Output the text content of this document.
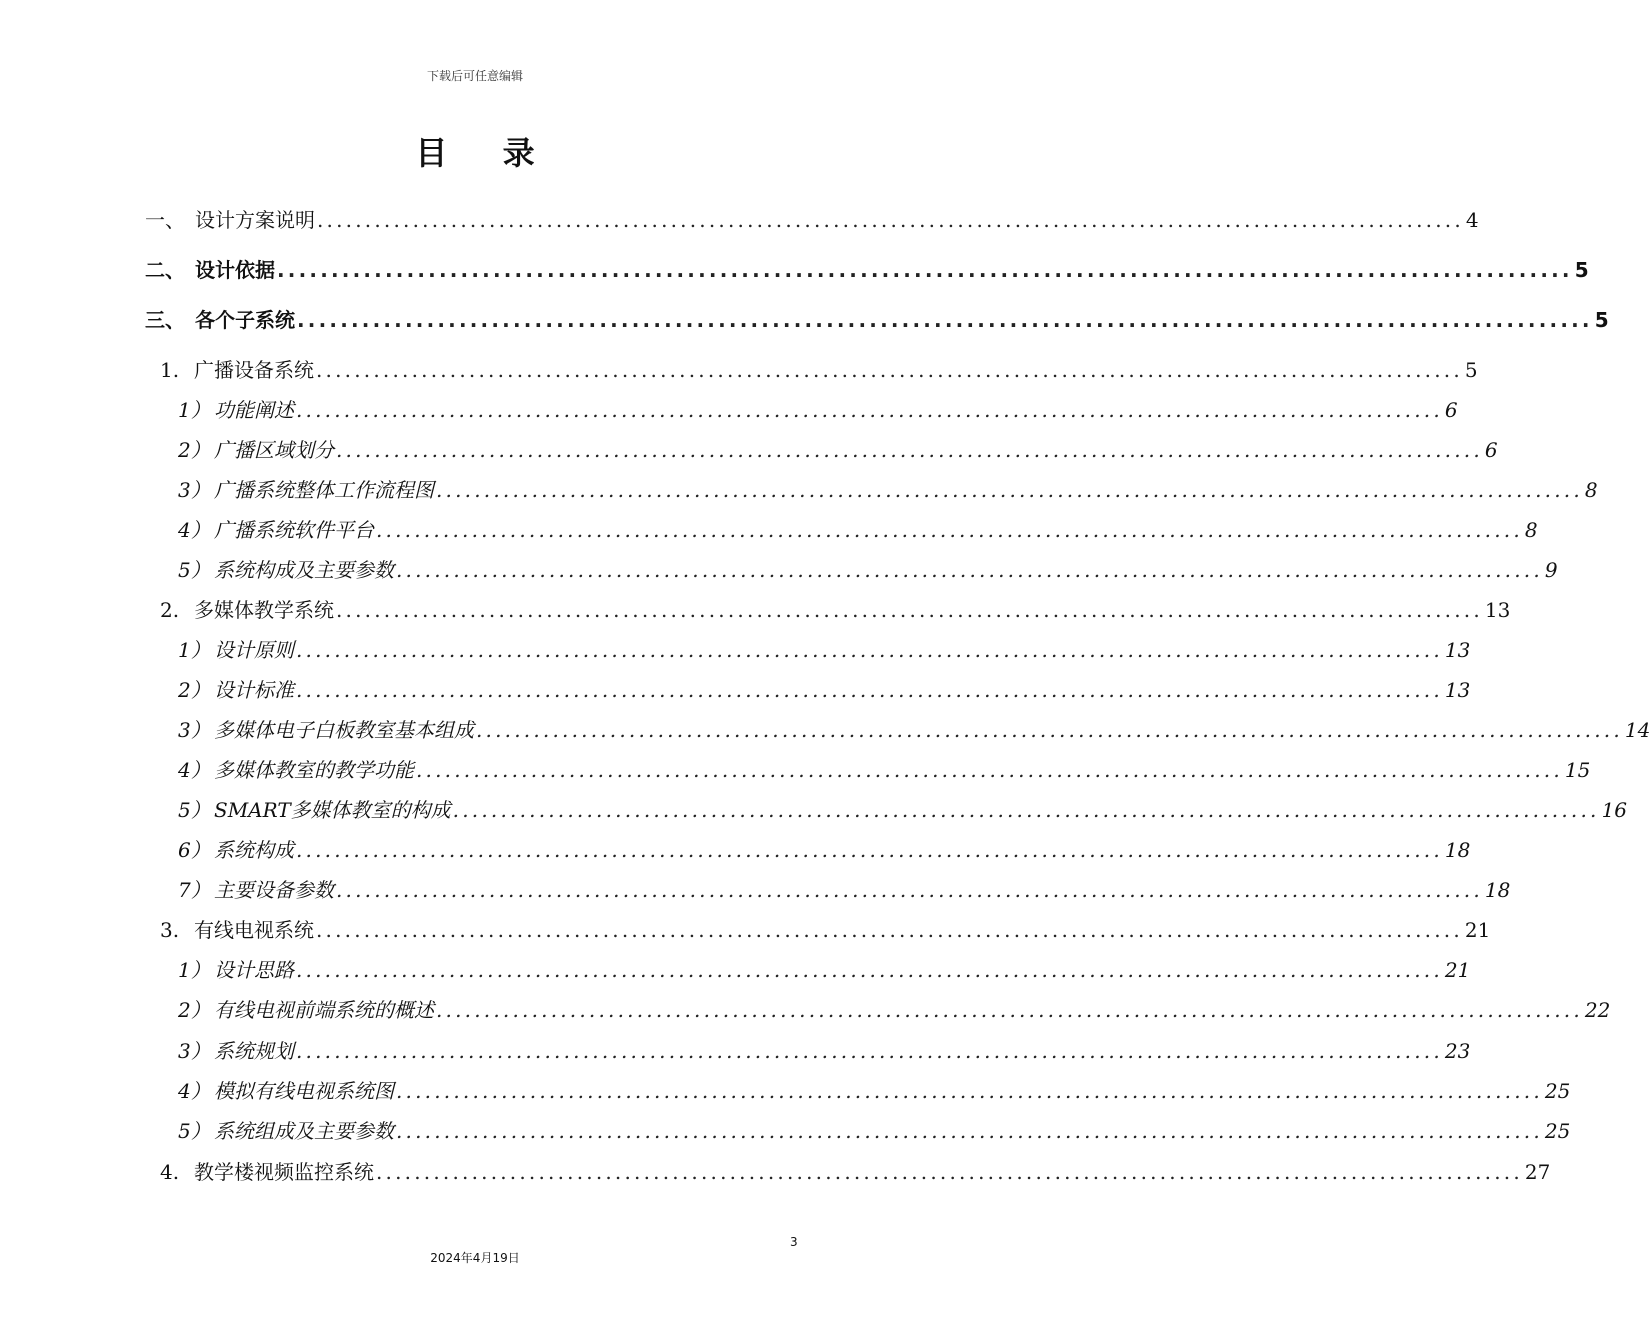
下载后可任意编辑
目 录
一、 设计方案说明 ........................................................................................................................ 4
二、 设计依据 ........................................................................................................................ 5
三、 各个子系统 ........................................................................................................................ 5
1. 广播设备系统 ........................................................................................................................ 5
1） 功能阐述 ........................................................................................................................ 6
2） 广播区域划分 ........................................................................................................................ 6
3） 广播系统整体工作流程图 ........................................................................................................................ 8
4） 广播系统软件平台 ........................................................................................................................ 8
5） 系统构成及主要参数 ........................................................................................................................ 9
2. 多媒体教学系统 ........................................................................................................................ 13
1） 设计原则 ........................................................................................................................ 13
2） 设计标准 ........................................................................................................................ 13
3） 多媒体电子白板教室基本组成 ........................................................................................................................ 14
4） 多媒体教室的教学功能 ........................................................................................................................ 15
5） SMART多媒体教室的构成 ........................................................................................................................ 16
6） 系统构成 ........................................................................................................................ 18
7） 主要设备参数 ........................................................................................................................ 18
3. 有线电视系统 ........................................................................................................................ 21
1） 设计思路 ........................................................................................................................ 21
2） 有线电视前端系统的概述 ........................................................................................................................ 22
3） 系统规划 ........................................................................................................................ 23
4） 模拟有线电视系统图 ........................................................................................................................ 25
5） 系统组成及主要参数 ........................................................................................................................ 25
4. 教学楼视频监控系统 ........................................................................................................................ 27
3
2024年4月19日
